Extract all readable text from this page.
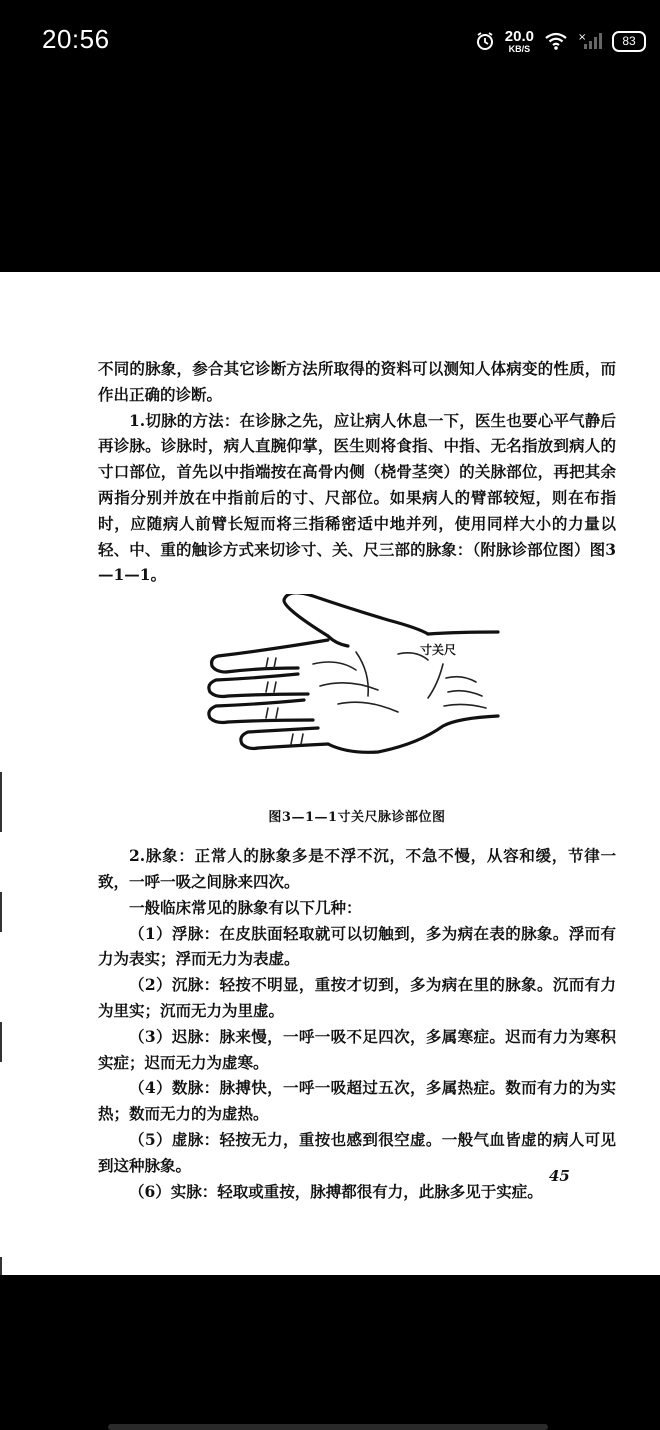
20:56	20.0
KB/S
×	83

不同的脉象，参合其它诊断方法所取得的资料可以测知人体病变的性质，而作出正确的诊断。

1.切脉的方法：在诊脉之先，应让病人休息一下，医生也要心平气静后再诊脉。诊脉时，病人直腕仰掌，医生则将食指、中指、无名指放到病人的寸口部位，首先以中指端按在高骨内侧（桡骨茎突）的关脉部位，再把其余两指分别并放在中指前后的寸、尺部位。如果病人的臂部较短，则在布指时，应随病人前臂长短而将三指稀密适中地并列，使用同样大小的力量以轻、中、重的触诊方式来切诊寸、关、尺三部的脉象：（附脉诊部位图）图3—1—1。

寸关尺

图3—1—1寸关尺脉诊部位图

2.脉象：正常人的脉象多是不浮不沉，不急不慢，从容和缓，节律一致，一呼一吸之间脉来四次。

一般临床常见的脉象有以下几种：

（1）浮脉：在皮肤面轻取就可以切触到，多为病在表的脉象。浮而有力为表实；浮而无力为表虚。

（2）沉脉：轻按不明显，重按才切到，多为病在里的脉象。沉而有力为里实；沉而无力为里虚。

（3）迟脉：脉来慢，一呼一吸不足四次，多属寒症。迟而有力为寒积实症；迟而无力为虚寒。

（4）数脉：脉搏快，一呼一吸超过五次，多属热症。数而有力的为实热；数而无力的为虚热。

（5）虚脉：轻按无力，重按也感到很空虚。一般气血皆虚的病人可见到这种脉象。

（6）实脉：轻取或重按，脉搏都很有力，此脉多见于实症。

45
